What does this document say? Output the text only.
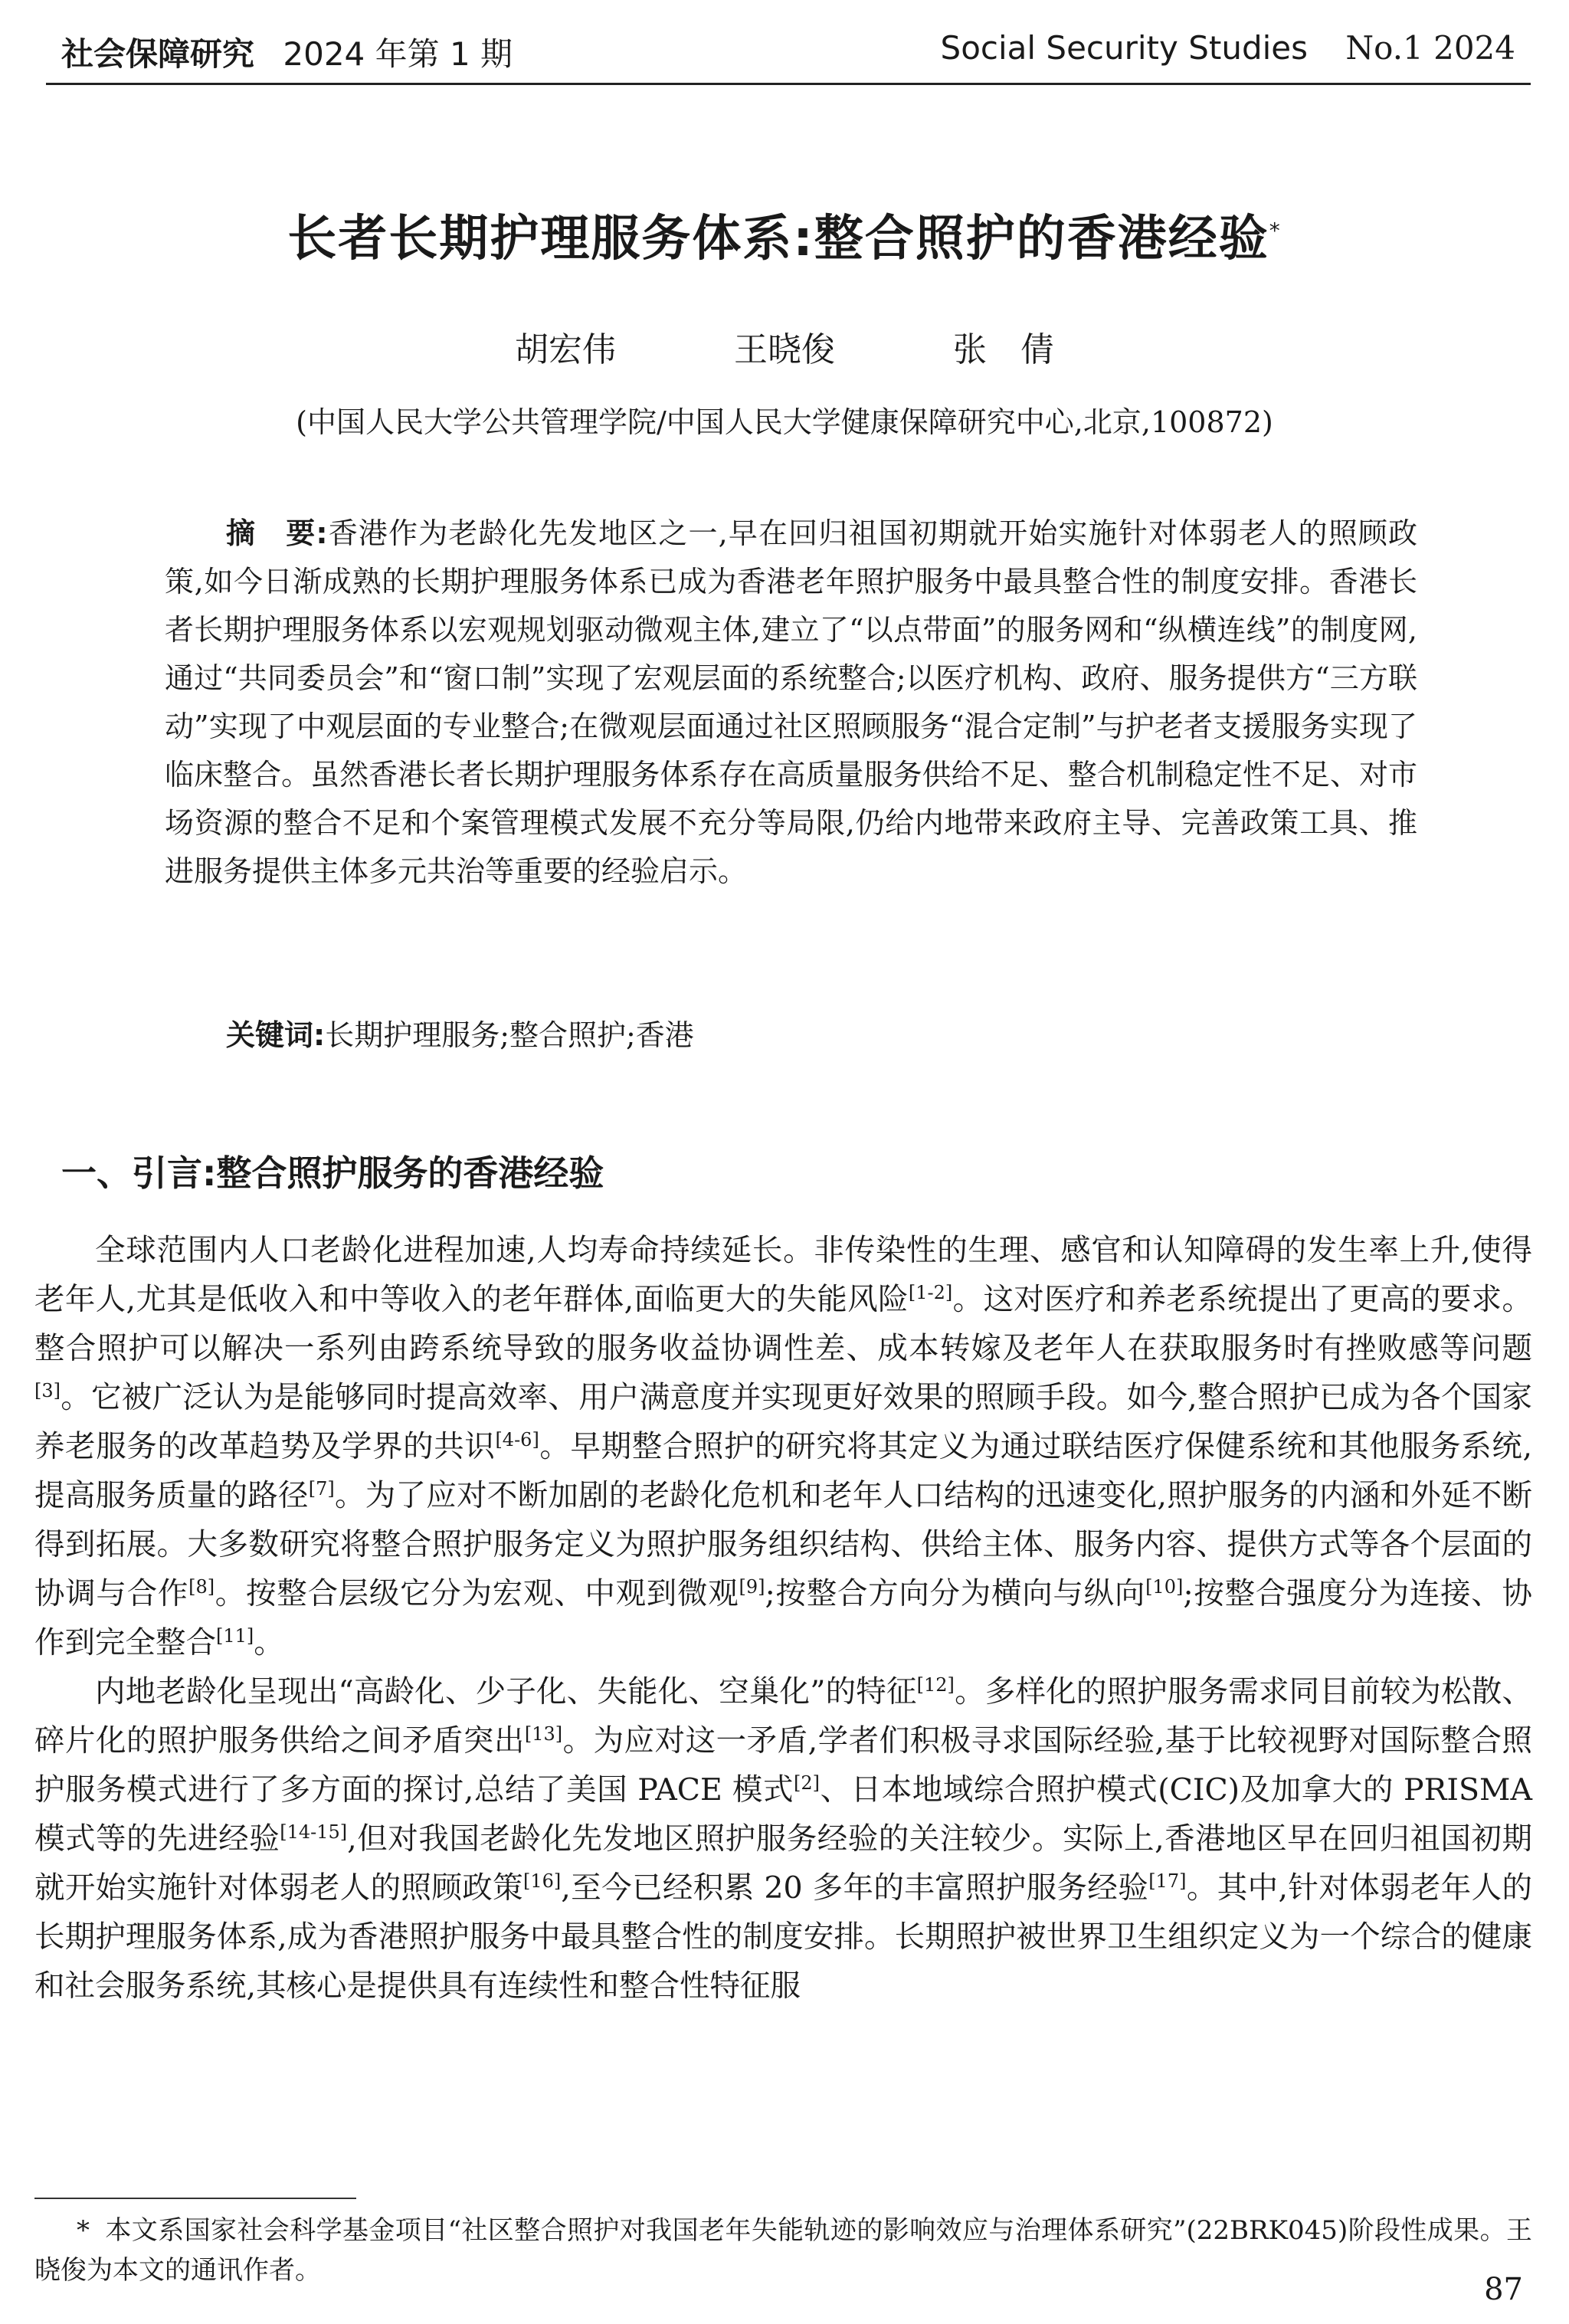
社会保障研究 2024 年第 1 期	Social Security Studies No.1 2024
长者长期护理服务体系:整合照护的香港经验*
胡宏伟	王晓俊	张　倩
(中国人民大学公共管理学院/中国人民大学健康保障研究中心,北京,100872)
摘　要:香港作为老龄化先发地区之一,早在回归祖国初期就开始实施针对体弱老人的照顾政策,如今日渐成熟的长期护理服务体系已成为香港老年照护服务中最具整合性的制度安排。香港长者长期护理服务体系以宏观规划驱动微观主体,建立了“以点带面”的服务网和“纵横连线”的制度网,通过“共同委员会”和“窗口制”实现了宏观层面的系统整合;以医疗机构、政府、服务提供方“三方联动”实现了中观层面的专业整合;在微观层面通过社区照顾服务“混合定制”与护老者支援服务实现了临床整合。虽然香港长者长期护理服务体系存在高质量服务供给不足、整合机制稳定性不足、对市场资源的整合不足和个案管理模式发展不充分等局限,仍给内地带来政府主导、完善政策工具、推进服务提供主体多元共治等重要的经验启示。
关键词:长期护理服务;整合照护;香港
一、引言:整合照护服务的香港经验

全球范围内人口老龄化进程加速,人均寿命持续延长。非传染性的生理、感官和认知障碍的发生率上升,使得老年人,尤其是低收入和中等收入的老年群体,面临更大的失能风险[1-2]。这对医疗和养老系统提出了更高的要求。整合照护可以解决一系列由跨系统导致的服务收益协调性差、成本转嫁及老年人在获取服务时有挫败感等问题[3]。它被广泛认为是能够同时提高效率、用户满意度并实现更好效果的照顾手段。如今,整合照护已成为各个国家养老服务的改革趋势及学界的共识[4-6]。早期整合照护的研究将其定义为通过联结医疗保健系统和其他服务系统,提高服务质量的路径[7]。为了应对不断加剧的老龄化危机和老年人口结构的迅速变化,照护服务的内涵和外延不断得到拓展。大多数研究将整合照护服务定义为照护服务组织结构、供给主体、服务内容、提供方式等各个层面的协调与合作[8]。按整合层级它分为宏观、中观到微观[9];按整合方向分为横向与纵向[10];按整合强度分为连接、协作到完全整合[11]。

内地老龄化呈现出“高龄化、少子化、失能化、空巢化”的特征[12]。多样化的照护服务需求同目前较为松散、碎片化的照护服务供给之间矛盾突出[13]。为应对这一矛盾,学者们积极寻求国际经验,基于比较视野对国际整合照护服务模式进行了多方面的探讨,总结了美国 PACE 模式[2]、日本地域综合照护模式(CIC)及加拿大的 PRISMA 模式等的先进经验[14-15],但对我国老龄化先发地区照护服务经验的关注较少。实际上,香港地区早在回归祖国初期就开始实施针对体弱老人的照顾政策[16],至今已经积累 20 多年的丰富照护服务经验[17]。其中,针对体弱老年人的长期护理服务体系,成为香港照护服务中最具整合性的制度安排。长期照护被世界卫生组织定义为一个综合的健康和社会服务系统,其核心是提供具有连续性和整合性特征服

* 本文系国家社会科学基金项目“社区整合照护对我国老年失能轨迹的影响效应与治理体系研究”(22BRK045)阶段性成果。王晓俊为本文的通讯作者。
87
